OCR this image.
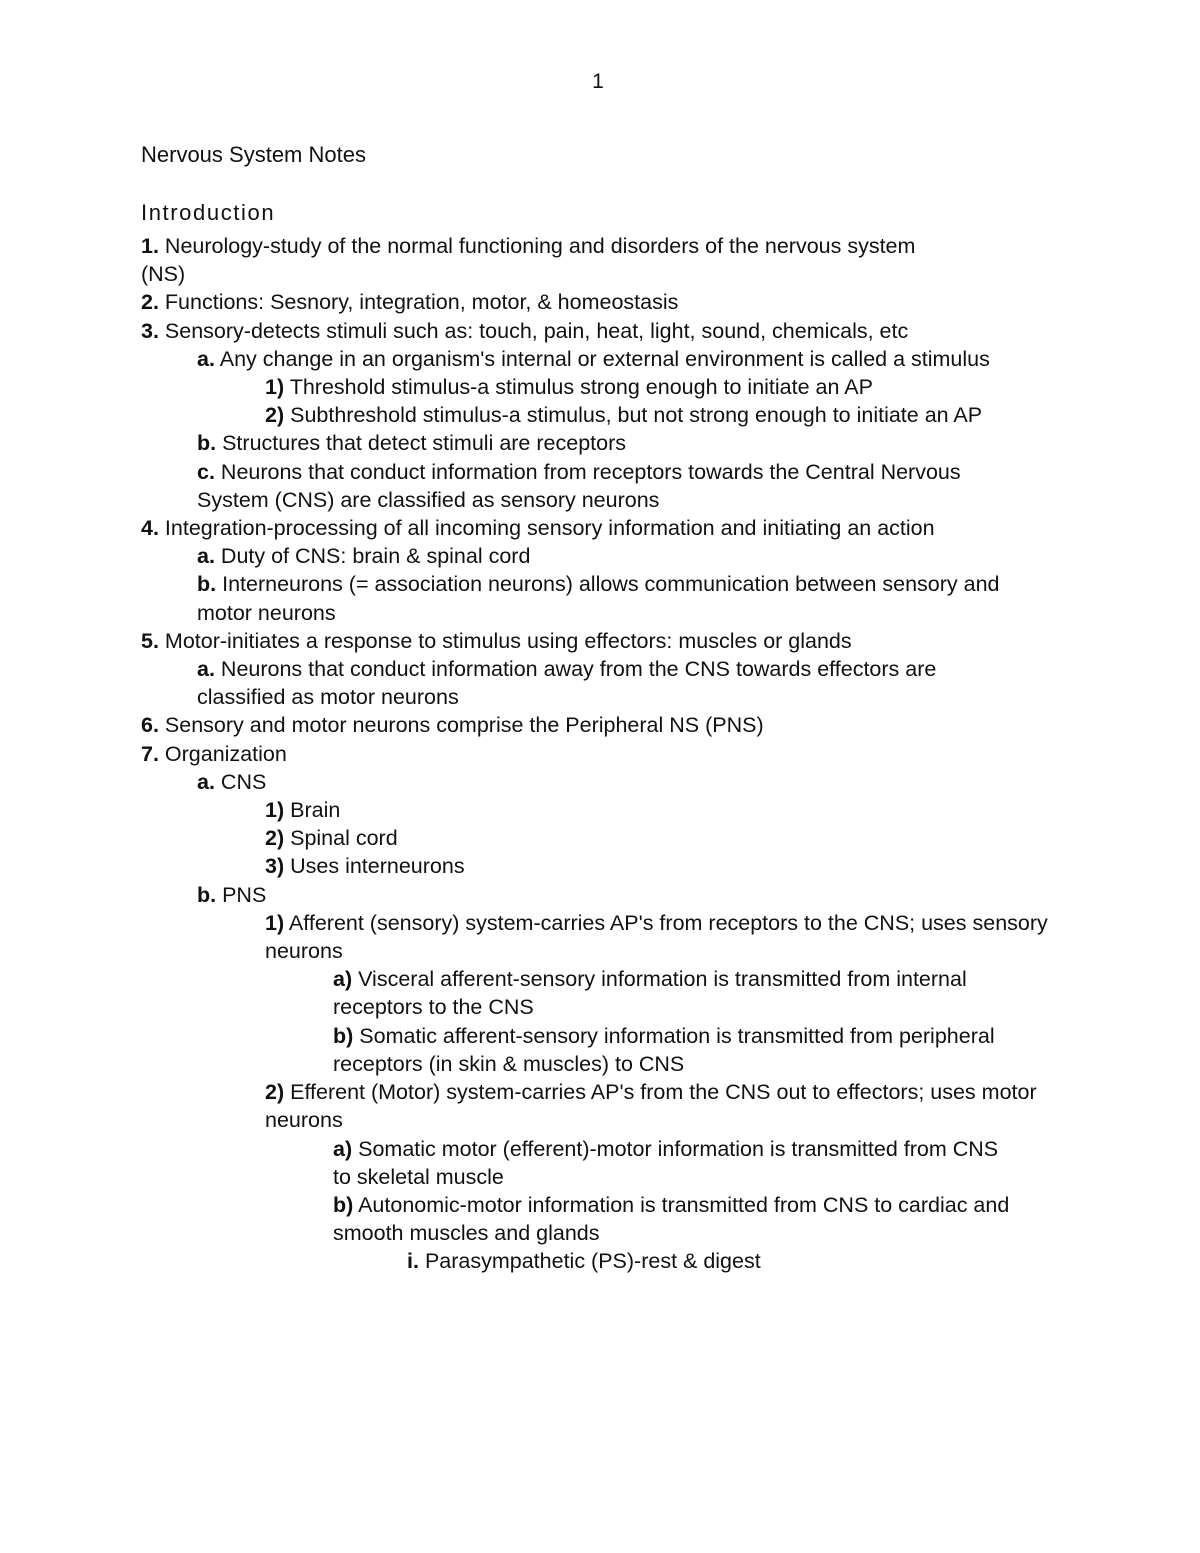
1
Nervous System Notes
Introduction
1. Neurology-study of the normal functioning and disorders of the nervous system (NS)
2. Functions: Sesnory, integration, motor, & homeostasis
3. Sensory-detects stimuli such as: touch, pain, heat, light, sound, chemicals, etc
a. Any change in an organism's internal or external environment is called a stimulus
1) Threshold stimulus-a stimulus strong enough to initiate an AP
2) Subthreshold stimulus-a stimulus, but not strong enough to initiate an AP
b. Structures that detect stimuli are receptors
c. Neurons that conduct information from receptors towards the Central Nervous System (CNS) are classified as sensory neurons
4. Integration-processing of all incoming sensory information and initiating an action
a. Duty of CNS: brain & spinal cord
b. Interneurons (= association neurons) allows communication between sensory and motor neurons
5. Motor-initiates a response to stimulus using effectors: muscles or glands
a. Neurons that conduct information away from the CNS towards effectors are classified as motor neurons
6. Sensory and motor neurons comprise the Peripheral NS (PNS)
7. Organization
a. CNS
1) Brain
2) Spinal cord
3) Uses interneurons
b. PNS
1) Afferent (sensory) system-carries AP's from receptors to the CNS; uses sensory neurons
a) Visceral afferent-sensory information is transmitted from internal receptors to the CNS
b) Somatic afferent-sensory information is transmitted from peripheral receptors (in skin & muscles) to CNS
2) Efferent (Motor) system-carries AP's from the CNS out to effectors; uses motor neurons
a) Somatic motor (efferent)-motor information is transmitted from CNS to skeletal muscle
b) Autonomic-motor information is transmitted from CNS to cardiac and smooth muscles and glands
i. Parasympathetic (PS)-rest & digest
